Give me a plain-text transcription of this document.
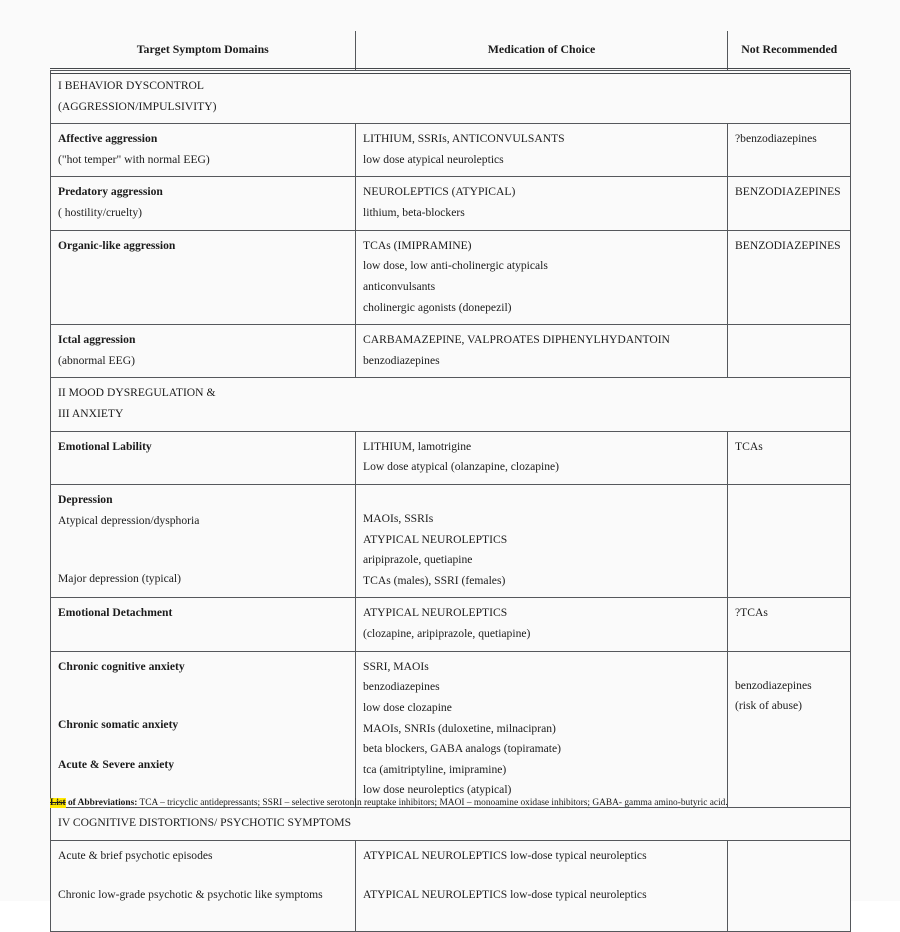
Target Symptom Domains	Medication of Choice	Not Recommended

I BEHAVIOR DYSCONTROL
(AGGRESSION/IMPULSIVITY)		

Affective aggression
("hot temper" with normal EEG)	LITHIUM, SSRIs, ANTICONVULSANTS
low dose atypical neuroleptics	?benzodiazepines

Predatory aggression
( hostility/cruelty)	NEUROLEPTICS (ATYPICAL)
lithium, beta-blockers	BENZODIAZEPINES

Organic-like aggression	TCAs (IMIPRAMINE)
low dose, low anti-cholinergic atypicals
anticonvulsants
cholinergic agonists (donepezil)	BENZODIAZEPINES

Ictal aggression
(abnormal EEG)	CARBAMAZEPINE, VALPROATES DIPHENYLHYDANTOIN
benzodiazepines	

II MOOD DYSREGULATION &
III ANXIETY		

Emotional Lability	LITHIUM, lamotrigine
Low dose atypical (olanzapine, clozapine)	TCAs

Depression
Atypical depression/dysphoria
Major depression (typical)	MAOIs, SSRIs
ATYPICAL NEUROLEPTICS
aripiprazole, quetiapine
TCAs (males), SSRI (females)	

Emotional Detachment	ATYPICAL NEUROLEPTICS
(clozapine, aripiprazole, quetiapine)	?TCAs

Chronic cognitive anxiety
Chronic somatic anxiety
Acute & Severe anxiety

SSRI, MAOIs
benzodiazepines
low dose clozapine
MAOIs, SNRIs (duloxetine, milnacipran)
beta blockers, GABA analogs (topiramate)
tca (amitriptyline, imipramine)
low dose neuroleptics (atypical)

benzodiazepines
(risk of abuse)

IV COGNITIVE DISTORTIONS/ PSYCHOTIC SYMPTOMS		

Acute & brief psychotic episodes
Chronic low-grade psychotic & psychotic like symptoms	ATYPICAL NEUROLEPTICS low-dose typical neuroleptics
ATYPICAL NEUROLEPTICS low-dose typical neuroleptics	

List of Abbreviations: TCA – tricyclic antidepressants; SSRI – selective serotonin reuptake inhibitors; MAOI – monoamine oxidase inhibitors; GABA- gamma amino-butyric acid.
